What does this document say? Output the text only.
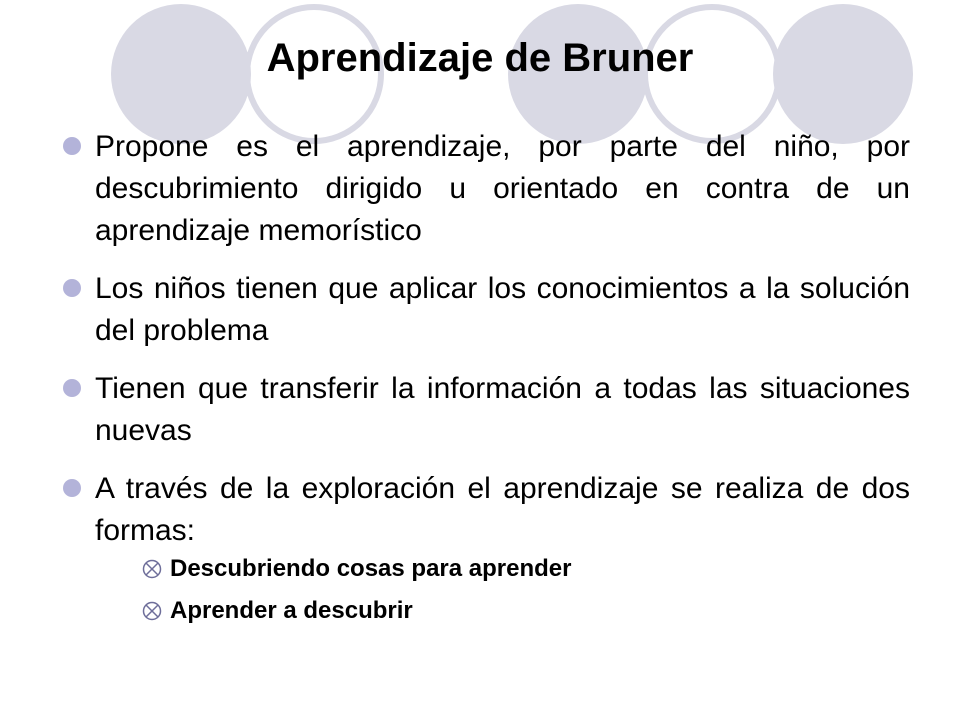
Aprendizaje de Bruner
Propone es el aprendizaje, por parte del niño, por descubrimiento dirigido u orientado en contra de un aprendizaje memorístico
Los niños tienen que aplicar los conocimientos a la solución del problema
Tienen que transferir la información a todas las situaciones nuevas
A través de la exploración el aprendizaje se realiza de dos formas:
Descubriendo cosas para aprender
Aprender a descubrir
